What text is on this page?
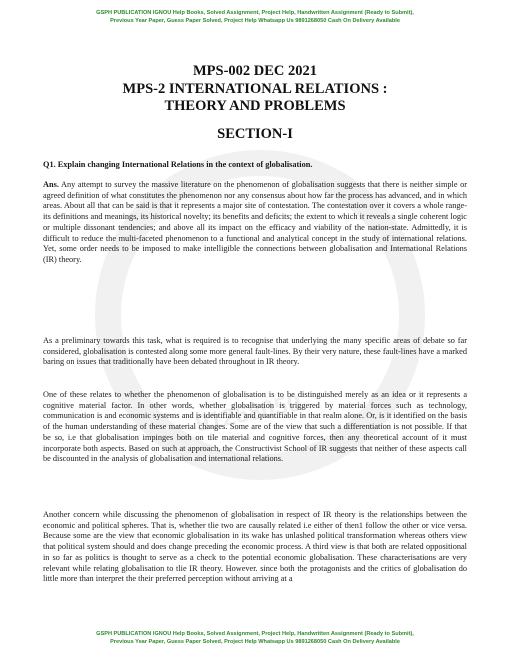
91268050
GSPH PUBLICATION IGNOU Help Books, Solved Assignment, Project Help, Handwritten Assignment (Ready to Submit),
Previous Year Paper, Guess Paper Solved, Project Help Whatsapp Us 9891268050 Cash On Delivery Available
MPS-002 DEC 2021
MPS-2 INTERNATIONAL RELATIONS :
THEORY AND PROBLEMS
SECTION-I
Q1. Explain changing International Relations in the context of globalisation.
Ans. Any attempt to survey the massive literature on the phenomenon of globalisation suggests that there is neither simple or agreed definition of what constitutes the phenomenon nor any consensus about how far the process has advanced, and in which areas. About all that can be said is that it represents a major site of contestation. The contestation over it covers a whole range-its definitions and meanings, its historical novelty; its benefits and deficits; the extent to which it reveals a single coherent logic or multiple dissonant tendencies; and above all its impact on the efficacy and viability of the nation-state. Admittedly, it is difficult to reduce the multi-faceted phenomenon to a functional and analytical concept in the study of international relations. Yet, some order needs to be imposed to make intelligible the connections between globalisation and International Relations (IR) theory.
As a preliminary towards this task, what is required is to recognise that underlying the many specific areas of debate so far considered, globalisation is contested along some more general fault-lines. By their very nature, these fault-lines have a marked baring on issues that traditionally have been debated throughout in IR theory.
One of these relates to whether the phenomenon of globalisation is to be distinguished merely as an idea or it represents a cognitive material factor. In other words, whether globalisation is triggered by material forces such as technology, communication is and economic systems and is identifiable and quantifiable in that realm alone. Or, is it identified on the basis of the human understanding of these material changes. Some are of the view that such a differentiation is not possible. If that be so, i.e that globalisation impinges both on tile material and cognitive forces, then any theoretical account of it must incorporate both aspects. Based on such at approach, the Constructivist School of IR suggests that neither of these aspects call be discounted in the analysis of globalisation and international relations.
Another concern while discussing the phenomenon of globalisation in respect of IR theory is the relationships between the economic and political spheres. That is, whether tlie two are causally related i.e either of then1 follow the other or vice versa. Because some are the view that economic globalisation in its wake has unlashed political transformation whereas others view that political system should and does change preceding the economic process. A third view is that both are related oppositional in so far as politics is thought to serve as a check to the potential economic globalisation. These characterisations are very relevant while relating globalisation to tlie IR theory. However. since both the protagonists and the critics of globalisation do little more than interpret the their preferred perception without arriving at a
GSPH PUBLICATION IGNOU Help Books, Solved Assignment, Project Help, Handwritten Assignment (Ready to Submit),
Previous Year Paper, Guess Paper Solved, Project Help Whatsapp Us 9891268050 Cash On Delivery Available
